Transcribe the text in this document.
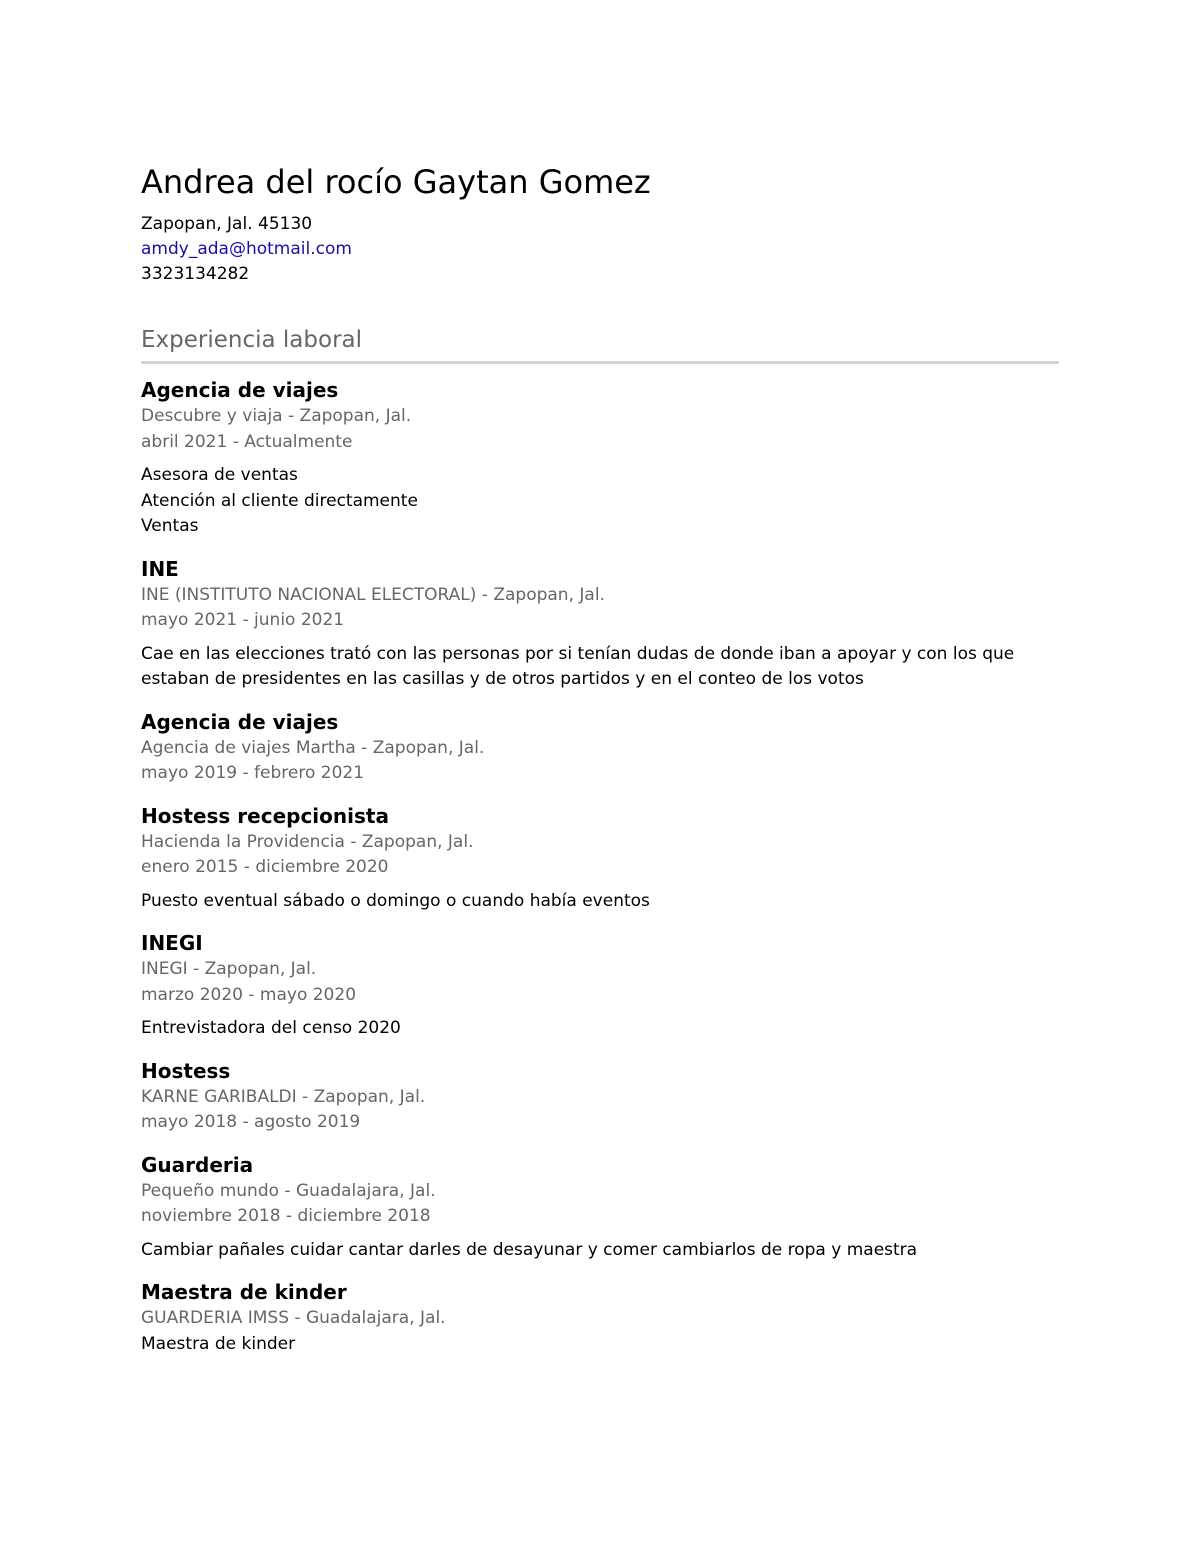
Andrea del rocío Gaytan Gomez
Zapopan, Jal. 45130
amdy_ada@hotmail.com
3323134282
Experiencia laboral
Agencia de viajes
Descubre y viaja - Zapopan, Jal.
abril 2021 - Actualmente
Asesora de ventas
Atención al cliente directamente
Ventas
INE
INE (INSTITUTO NACIONAL ELECTORAL) - Zapopan, Jal.
mayo 2021 - junio 2021
Cae en las elecciones trató con las personas por si tenían dudas de donde iban a apoyar y con los que estaban de presidentes en las casillas y de otros partidos y en el conteo de los votos
Agencia de viajes
Agencia de viajes Martha - Zapopan, Jal.
mayo 2019 - febrero 2021
Hostess recepcionista
Hacienda la Providencia - Zapopan, Jal.
enero 2015 - diciembre 2020
Puesto eventual sábado o domingo o cuando había eventos
INEGI
INEGI - Zapopan, Jal.
marzo 2020 - mayo 2020
Entrevistadora del censo 2020
Hostess
KARNE GARIBALDI - Zapopan, Jal.
mayo 2018 - agosto 2019
Guarderia
Pequeño mundo - Guadalajara, Jal.
noviembre 2018 - diciembre 2018
Cambiar pañales cuidar cantar darles de desayunar y comer cambiarlos de ropa y maestra
Maestra de kinder
GUARDERIA IMSS - Guadalajara, Jal.
Maestra de kinder
